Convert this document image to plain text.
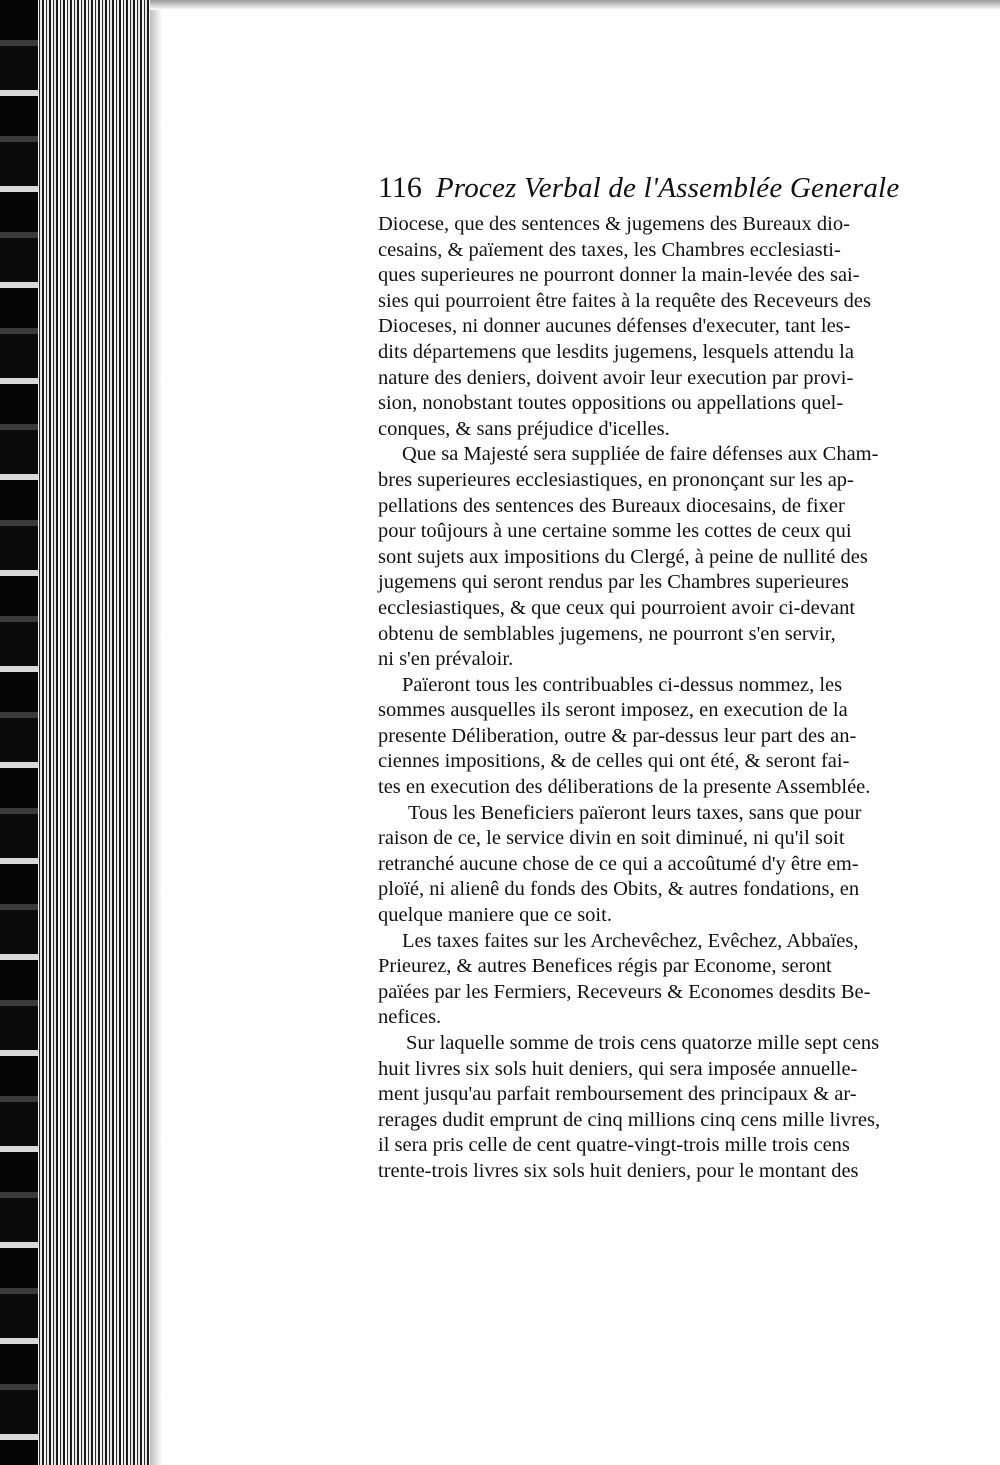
116 Procez Verbal de l'Assemblée Generale
Diocese, que des sentences & jugemens des Bureaux dio-
cesains, & païement des taxes, les Chambres ecclesiasti-
ques superieures ne pourront donner la main-levée des sai-
sies qui pourroient être faites à la requête des Receveurs des
Dioceses, ni donner aucunes défenses d'executer, tant les-
dits départemens que lesdits jugemens, lesquels attendu la
nature des deniers, doivent avoir leur execution par provi-
sion, nonobstant toutes oppositions ou appellations quel-
conques, & sans préjudice d'icelles.
Que sa Majesté sera suppliée de faire défenses aux Cham-
bres superieures ecclesiastiques, en prononçant sur les ap-
pellations des sentences des Bureaux diocesains, de fixer
pour toûjours à une certaine somme les cottes de ceux qui
sont sujets aux impositions du Clergé, à peine de nullité des
jugemens qui seront rendus par les Chambres superieures
ecclesiastiques, & que ceux qui pourroient avoir ci-devant
obtenu de semblables jugemens, ne pourront s'en servir,
ni s'en prévaloir.
Païeront tous les contribuables ci-dessus nommez, les
sommes ausquelles ils seront imposez, en execution de la
presente Déliberation, outre & par-dessus leur part des an-
ciennes impositions, & de celles qui ont été, & seront fai-
tes en execution des déliberations de la presente Assemblée.
Tous les Beneficiers païeront leurs taxes, sans que pour
raison de ce, le service divin en soit diminué, ni qu'il soit
retranché aucune chose de ce qui a accoûtumé d'y être em-
ploïé, ni alienê du fonds des Obits, & autres fondations, en
quelque maniere que ce soit.
Les taxes faites sur les Archevêchez, Evêchez, Abbaïes,
Prieurez, & autres Benefices régis par Econome, seront
païées par les Fermiers, Receveurs & Economes desdits Be-
nefices.
Sur laquelle somme de trois cens quatorze mille sept cens
huit livres six sols huit deniers, qui sera imposée annuelle-
ment jusqu'au parfait remboursement des principaux & ar-
rerages dudit emprunt de cinq millions cinq cens mille livres,
il sera pris celle de cent quatre-vingt-trois mille trois cens
trente-trois livres six sols huit deniers, pour le montant des
